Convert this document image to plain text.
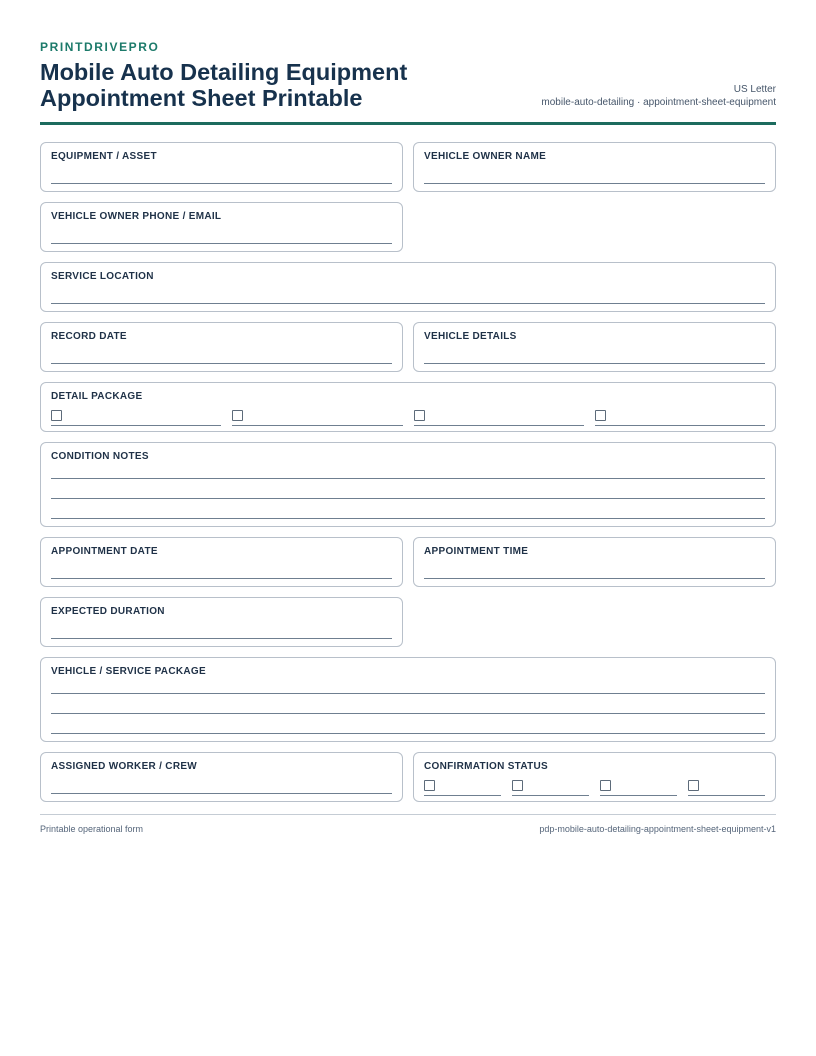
PRINTDRIVEPRO

Mobile Auto Detailing Equipment
Appointment Sheet Printable	US Letter
mobile-auto-detailing · appointment-sheet-equipment
EQUIPMENT / ASSET	VEHICLE OWNER NAME
VEHICLE OWNER PHONE / EMAIL
SERVICE LOCATION
RECORD DATE	VEHICLE DETAILS
DETAIL PACKAGE
CONDITION NOTES
APPOINTMENT DATE	APPOINTMENT TIME
EXPECTED DURATION
VEHICLE / SERVICE PACKAGE
ASSIGNED WORKER / CREW	CONFIRMATION STATUS
Printable operational form	pdp-mobile-auto-detailing-appointment-sheet-equipment-v1
